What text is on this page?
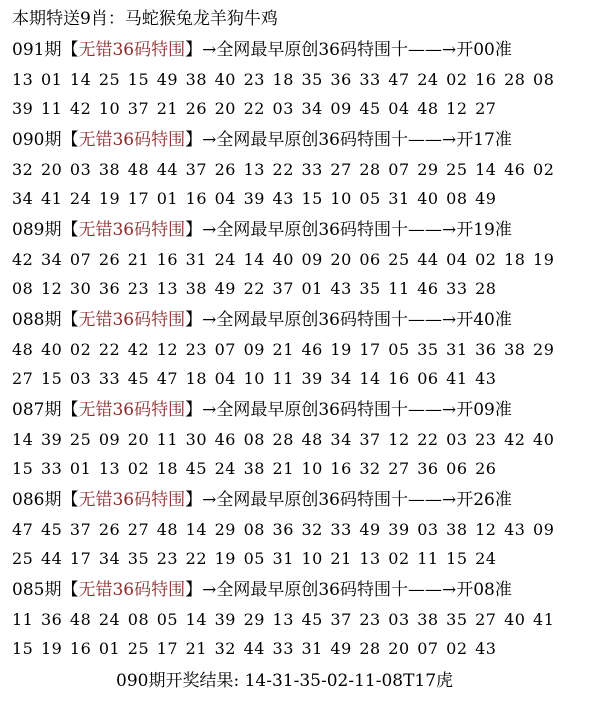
本期特送9肖：马蛇猴兔龙羊狗牛鸡
091期【无错36码特围】→全网最早原创36码特围十——→开00准
13 01 14 25 15 49 38 40 23 18 35 36 33 47 24 02 16 28 08
39 11 42 10 37 21 26 20 22 03 34 09 45 04 48 12 27
090期【无错36码特围】→全网最早原创36码特围十——→开17准
32 20 03 38 48 44 37 26 13 22 33 27 28 07 29 25 14 46 02
34 41 24 19 17 01 16 04 39 43 15 10 05 31 40 08 49
089期【无错36码特围】→全网最早原创36码特围十——→开19准
42 34 07 26 21 16 31 24 14 40 09 20 06 25 44 04 02 18 19
08 12 30 36 23 13 38 49 22 37 01 43 35 11 46 33 28
088期【无错36码特围】→全网最早原创36码特围十——→开40准
48 40 02 22 42 12 23 07 09 21 46 19 17 05 35 31 36 38 29
27 15 03 33 45 47 18 04 10 11 39 34 14 16 06 41 43
087期【无错36码特围】→全网最早原创36码特围十——→开09准
14 39 25 09 20 11 30 46 08 28 48 34 37 12 22 03 23 42 40
15 33 01 13 02 18 45 24 38 21 10 16 32 27 36 06 26
086期【无错36码特围】→全网最早原创36码特围十——→开26准
47 45 37 26 27 48 14 29 08 36 32 33 49 39 03 38 12 43 09
25 44 17 34 35 23 22 19 05 31 10 21 13 02 11 15 24
085期【无错36码特围】→全网最早原创36码特围十——→开08准
11 36 48 24 08 05 14 39 29 13 45 37 23 03 38 35 27 40 41
15 19 16 01 25 17 21 32 44 33 31 49 28 20 07 02 43
090期开奖结果: 14-31-35-02-11-08T17虎
